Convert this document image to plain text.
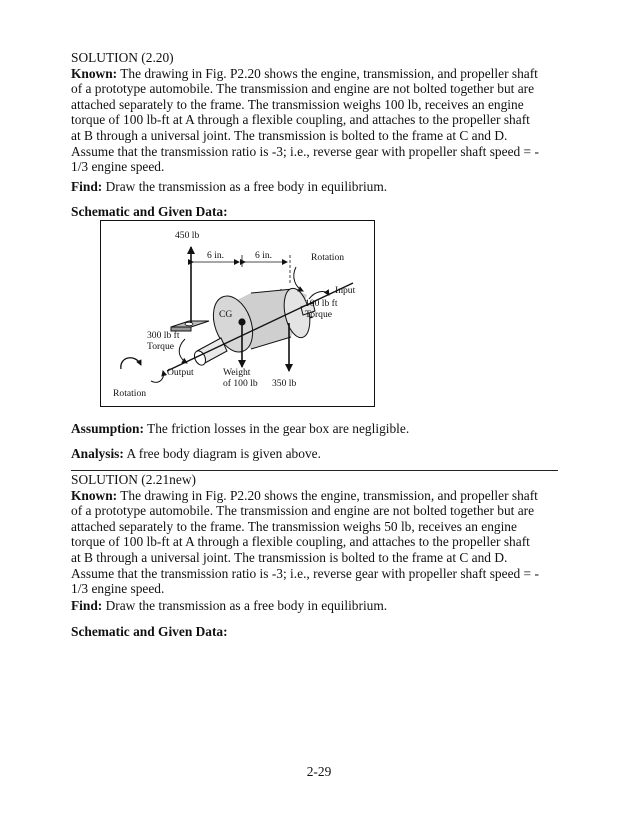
SOLUTION (2.20)
Known: The drawing in Fig. P2.20 shows the engine, transmission, and propeller shaft
of a prototype automobile. The transmission and engine are not bolted together but are
attached separately to the frame. The transmission weighs 100 lb, receives an engine
torque of 100 lb-ft at A through a flexible coupling, and attaches to the propeller shaft
at B through a universal joint. The transmission is bolted to the frame at C and D.
Assume that the transmission ratio is -3; i.e., reverse gear with propeller shaft speed = -
1/3 engine speed.
Find: Draw the transmission as a free body in equilibrium.
Schematic and Given Data:
450 lb
6 in.	6 in.	Rotation
Input
100 lb ft
Torque
CG
300 lb ft
Torque
Output	Weight
of 100 lb 350 lb
Rotation
Assumption: The friction losses in the gear box are negligible.
Analysis: A free body diagram is given above.
SOLUTION (2.21new)
Known: The drawing in Fig. P2.20 shows the engine, transmission, and propeller shaft
of a prototype automobile. The transmission and engine are not bolted together but are
attached separately to the frame. The transmission weighs 50 lb, receives an engine
torque of 100 lb-ft at A through a flexible coupling, and attaches to the propeller shaft
at B through a universal joint. The transmission is bolted to the frame at C and D.
Assume that the transmission ratio is -3; i.e., reverse gear with propeller shaft speed = -
1/3 engine speed.
Find: Draw the transmission as a free body in equilibrium.
Schematic and Given Data:
2-29
